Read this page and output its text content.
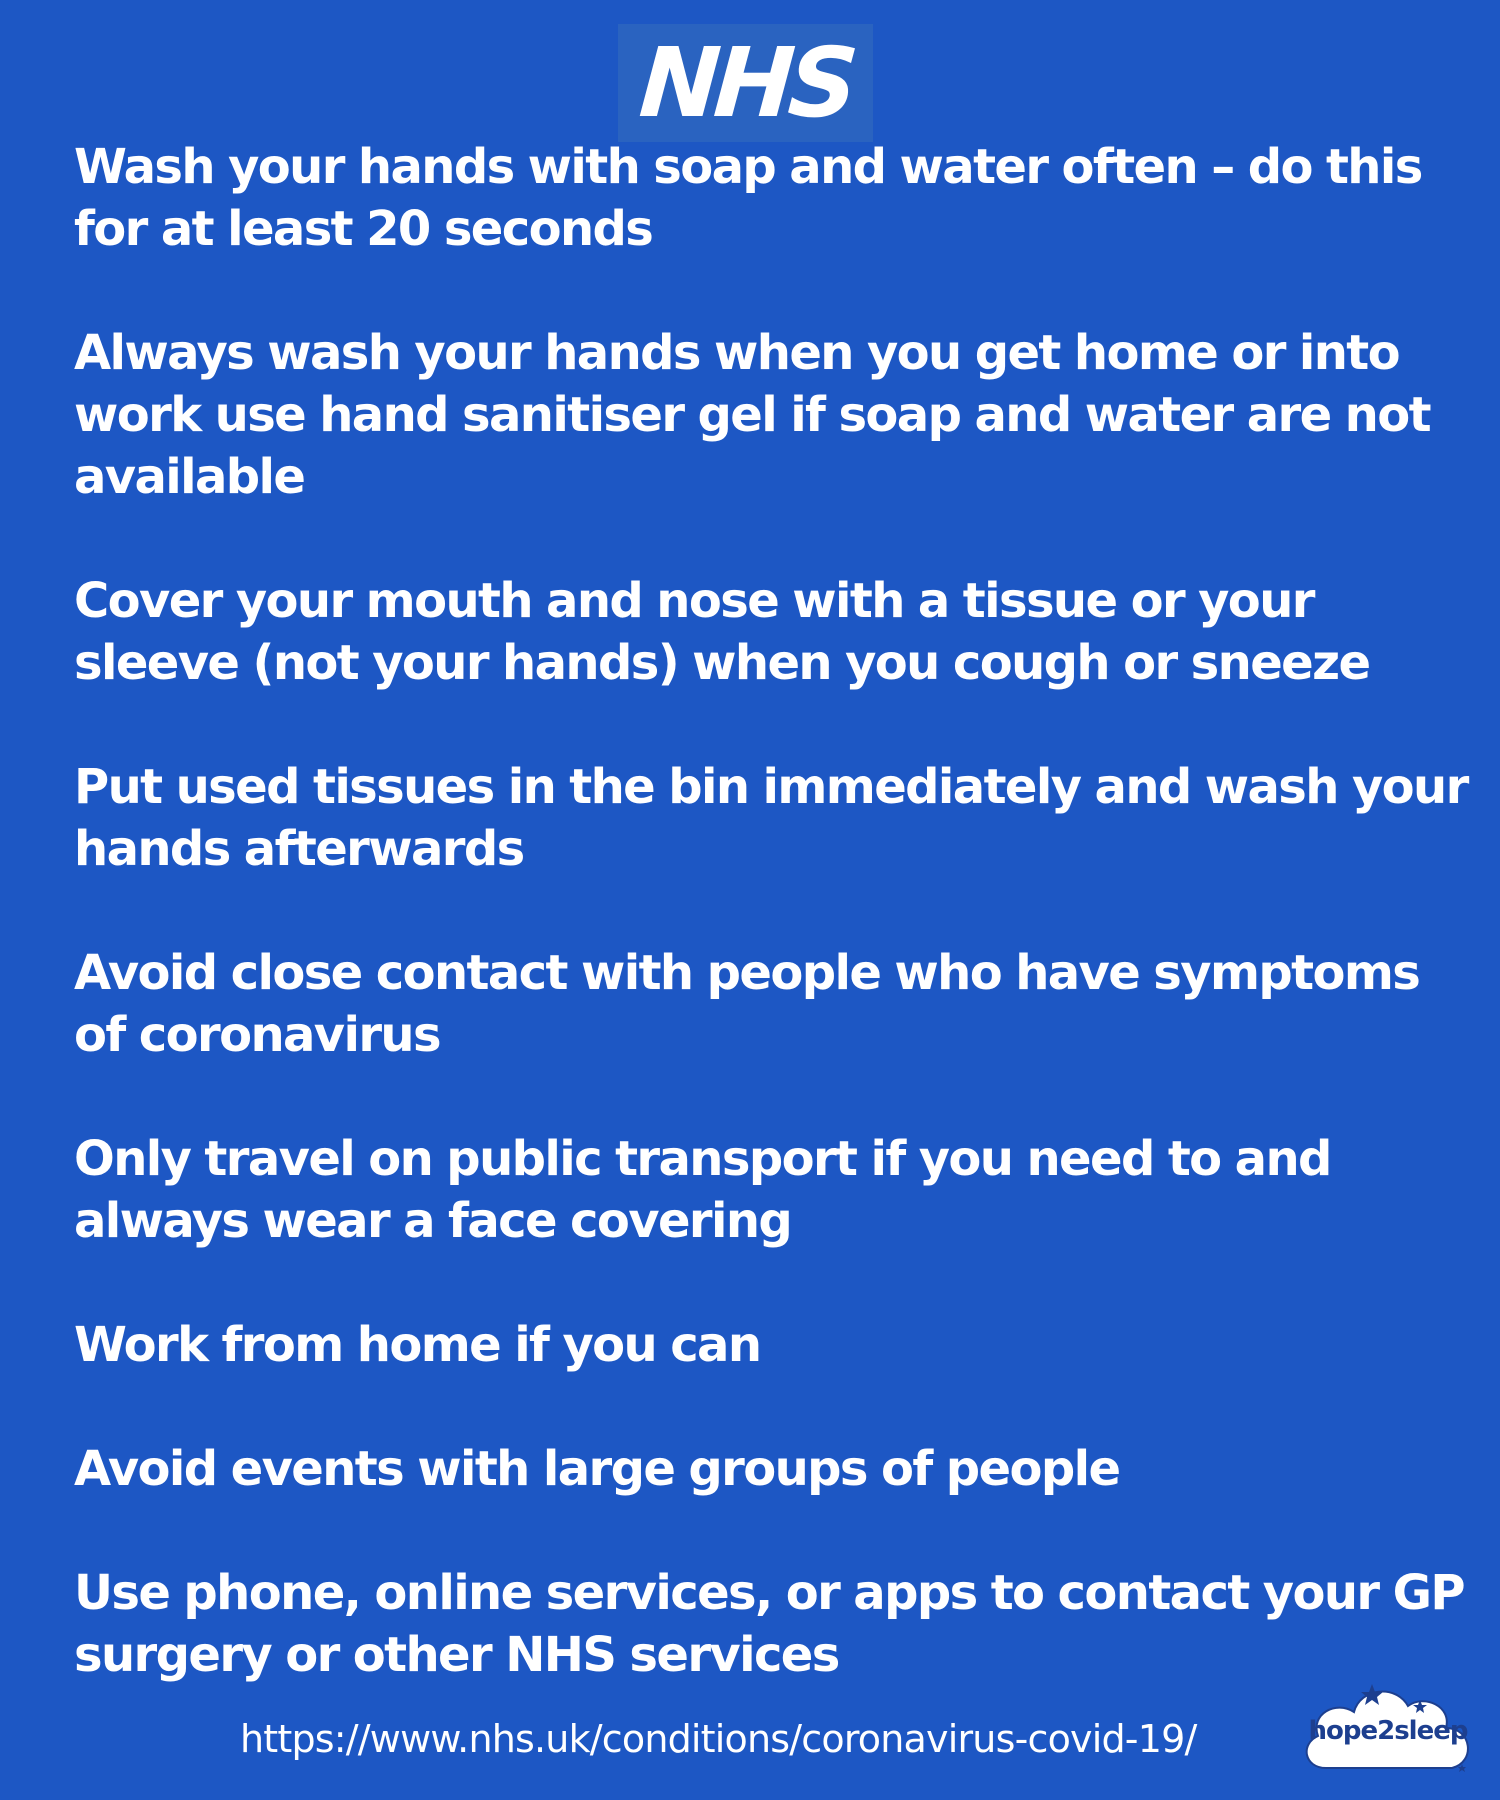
NHS
Wash your hands with soap and water often – do this for at least 20 seconds
Always wash your hands when you get home or into work use hand sanitiser gel if soap and water are not available
Cover your mouth and nose with a tissue or your sleeve (not your hands) when you cough or sneeze
Put used tissues in the bin immediately and wash your hands afterwards
Avoid close contact with people who have symptoms of coronavirus
Only travel on public transport if you need to and always wear a face covering
Work from home if you can
Avoid events with large groups of people
Use phone, online services, or apps to contact your GP surgery or other NHS services
https://www.nhs.uk/conditions/coronavirus-covid-19/	hope2sleep
